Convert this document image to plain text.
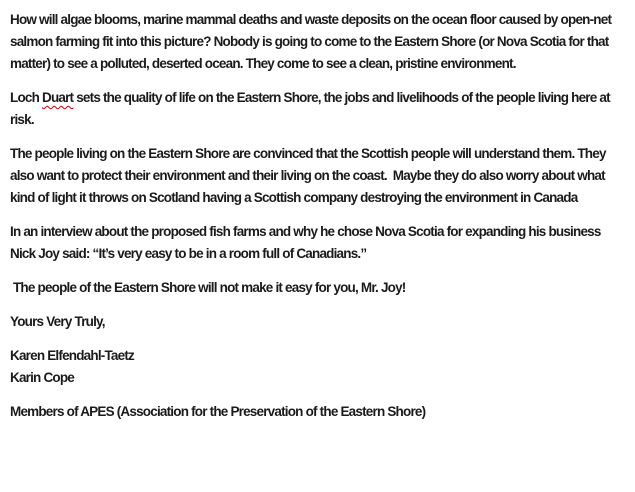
How will algae blooms, marine mammal deaths and waste deposits on the ocean floor caused by open-net salmon farming fit into this picture? Nobody is going to come to the Eastern Shore (or Nova Scotia for that matter) to see a polluted, deserted ocean. They come to see a clean, pristine environment.

Loch Duart sets the quality of life on the Eastern Shore, the jobs and livelihoods of the people living here at risk.

The people living on the Eastern Shore are convinced that the Scottish people will understand them. They also want to protect their environment and their living on the coast.  Maybe they do also worry about what kind of light it throws on Scotland having a Scottish company destroying the environment in Canada

In an interview about the proposed fish farms and why he chose Nova Scotia for expanding his business Nick Joy said: “It’s very easy to be in a room full of Canadians.”

The people of the Eastern Shore will not make it easy for you, Mr. Joy!

Yours Very Truly,

Karen Elfendahl-Taetz
Karin Cope

Members of APES (Association for the Preservation of the Eastern Shore)
